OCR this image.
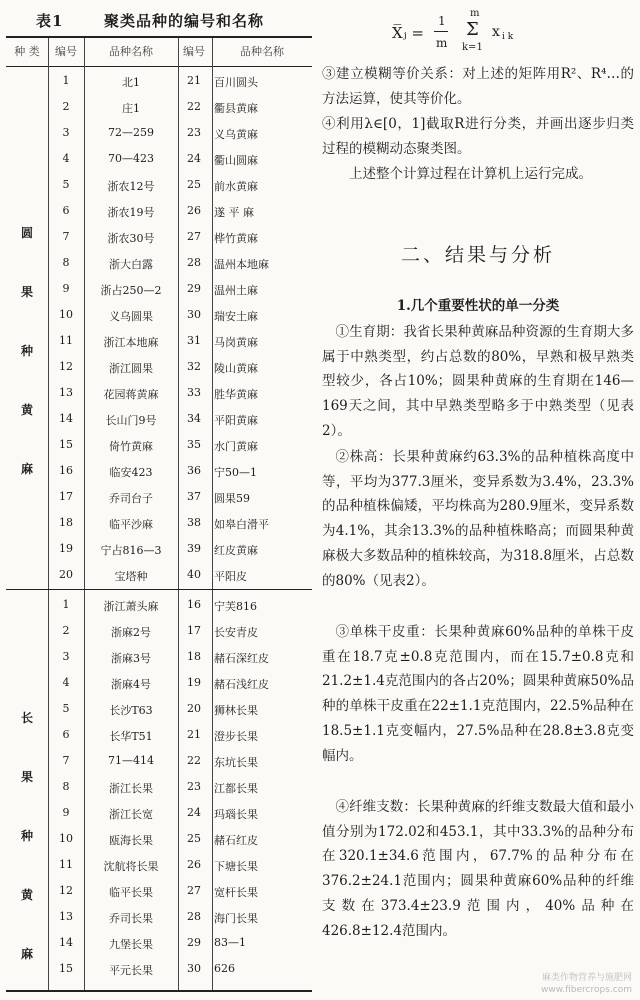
表1	聚类品种的编号和名称
种 类	编号	品种名称	编号	品种名称
圆
果
种
黄
麻
1	北1	21	百川圆头
2	庄1	22	衢县黄麻
3	72—259	23	义乌黄麻
4	70—423	24	衢山圆麻
5	浙农12号	25	前水黄麻
6	浙农19号	26	遂 平 麻
7	浙农30号	27	桦竹黄麻
8	浙大白露	28	温州本地麻
9	浙占250—2	29	温州土麻
10	义乌圆果	30	瑞安土麻
11	浙江本地麻	31	马岗黄麻
12	浙江圆果	32	陵山黄麻
13	花园蒋黄麻	33	胜华黄麻
14	长山门9号	34	平阳黄麻
15	倚竹黄麻	35	水门黄麻
16	临安423	36	宁50—1
17	乔司台子	37	圆果59
18	临平沙麻	38	如皋白滑平
19	宁占816—3	39	红皮黄麻
20	宝塔种	40	平阳皮
长
果
种
黄
麻
1	浙江萧头麻	16	宁芙816
2	浙麻2号	17	长安青皮
3	浙麻3号	18	赭石深红皮
4	浙麻4号	19	赭石浅红皮
5	长沙T63	20	狮林长果
6	长华T51	21	澄步长果
7	71—414	22	东坑长果
8	浙江长果	23	江都长果
9	浙江长宽	24	玛瑙长果
10	瓯海长果	25	赭石红皮
11	沈航将长果	26	下塘长果
12	临平长果	27	宽杆长果
13	乔司长果	28	海门长果
14	九堡长果	29	83—1
15	平元长果	30	626
X̅ⱼ =
1
m
m
Σ
k=1
x i k

③建立模糊等价关系：对上述的矩阵用R²、R⁴…的方法运算，使其等价化。

④利用λ∈[0，1]截取R进行分类，并画出逐步归类过程的模糊动态聚类图。

上述整个计算过程在计算机上运行完成。

二、结果与分析
1.几个重要性状的单一分类

①生育期：我省长果种黄麻品种资源的生育期大多属于中熟类型，约占总数的80%，早熟和极早熟类型较少，各占10%；圆果种黄麻的生育期在146—169天之间，其中早熟类型略多于中熟类型（见表2）。

②株高：长果种黄麻约63.3%的品种植株高度中等，平均为377.3厘米，变异系数为3.4%，23.3%的品种植株偏矮，平均株高为280.9厘米，变异系数为4.1%，其余13.3%的品种植株略高；而圆果种黄麻极大多数品种的植株较高，为318.8厘米，占总数的80%（见表2）。

③单株干皮重：长果种黄麻60%品种的单株干皮重在18.7克±0.8克范围内，而在15.7±0.8克和21.2±1.4克范围内的各占20%；圆果种黄麻50%品种的单株干皮重在22±1.1克范围内，22.5%品种在18.5±1.1克变幅内，27.5%品种在28.8±3.8克变幅内。

④纤维支数：长果种黄麻的纤维支数最大值和最小值分别为172.02和453.1，其中33.3%的品种分布在320.1±34.6范围内，67.7%的品种分布在376.2±24.1范围内；圆果种黄麻60%品种的纤维支数在373.4±23.9范围内，40%品种在426.8±12.4范围内。

麻类作物营养与施肥网
www.fibercrops.com
